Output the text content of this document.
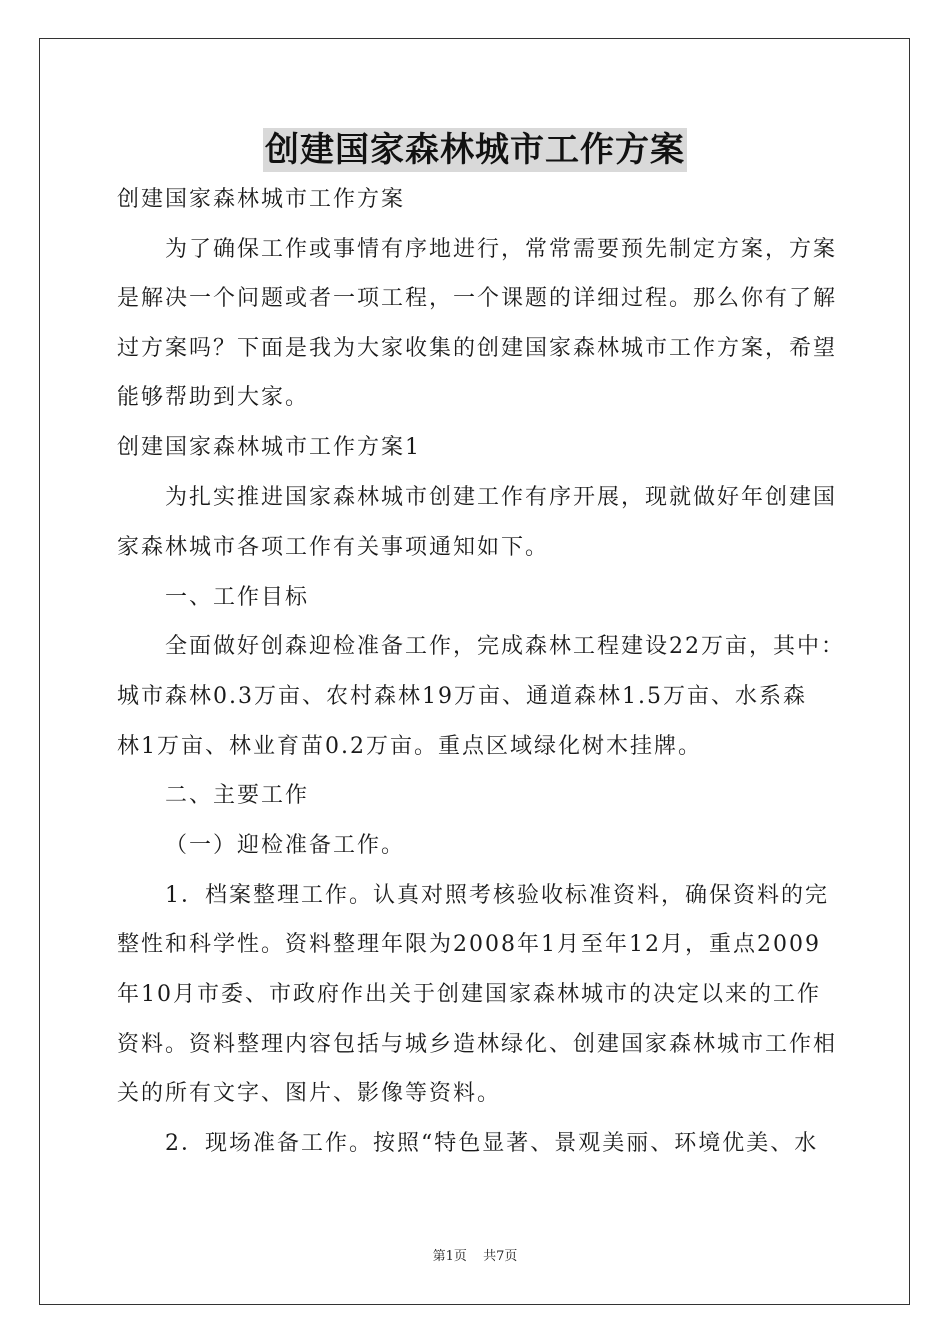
创建国家森林城市工作方案
创建国家森林城市工作方案
为了确保工作或事情有序地进行，常常需要预先制定方案，方案
是解决一个问题或者一项工程，一个课题的详细过程。那么你有了解
过方案吗？下面是我为大家收集的创建国家森林城市工作方案，希望
能够帮助到大家。
创建国家森林城市工作方案1
为扎实推进国家森林城市创建工作有序开展，现就做好年创建国
家森林城市各项工作有关事项通知如下。
一、工作目标
全面做好创森迎检准备工作，完成森林工程建设22万亩，其中：
城市森林0.3万亩、农村森林19万亩、通道森林1.5万亩、水系森
林1万亩、林业育苗0.2万亩。重点区域绿化树木挂牌。
二、主要工作
（一）迎检准备工作。
1．档案整理工作。认真对照考核验收标准资料，确保资料的完
整性和科学性。资料整理年限为2008年1月至年12月，重点2009
年10月市委、市政府作出关于创建国家森林城市的决定以来的工作
资料。资料整理内容包括与城乡造林绿化、创建国家森林城市工作相
关的所有文字、图片、影像等资料。
2．现场准备工作。按照“特色显著、景观美丽、环境优美、水
第1页 共7页
